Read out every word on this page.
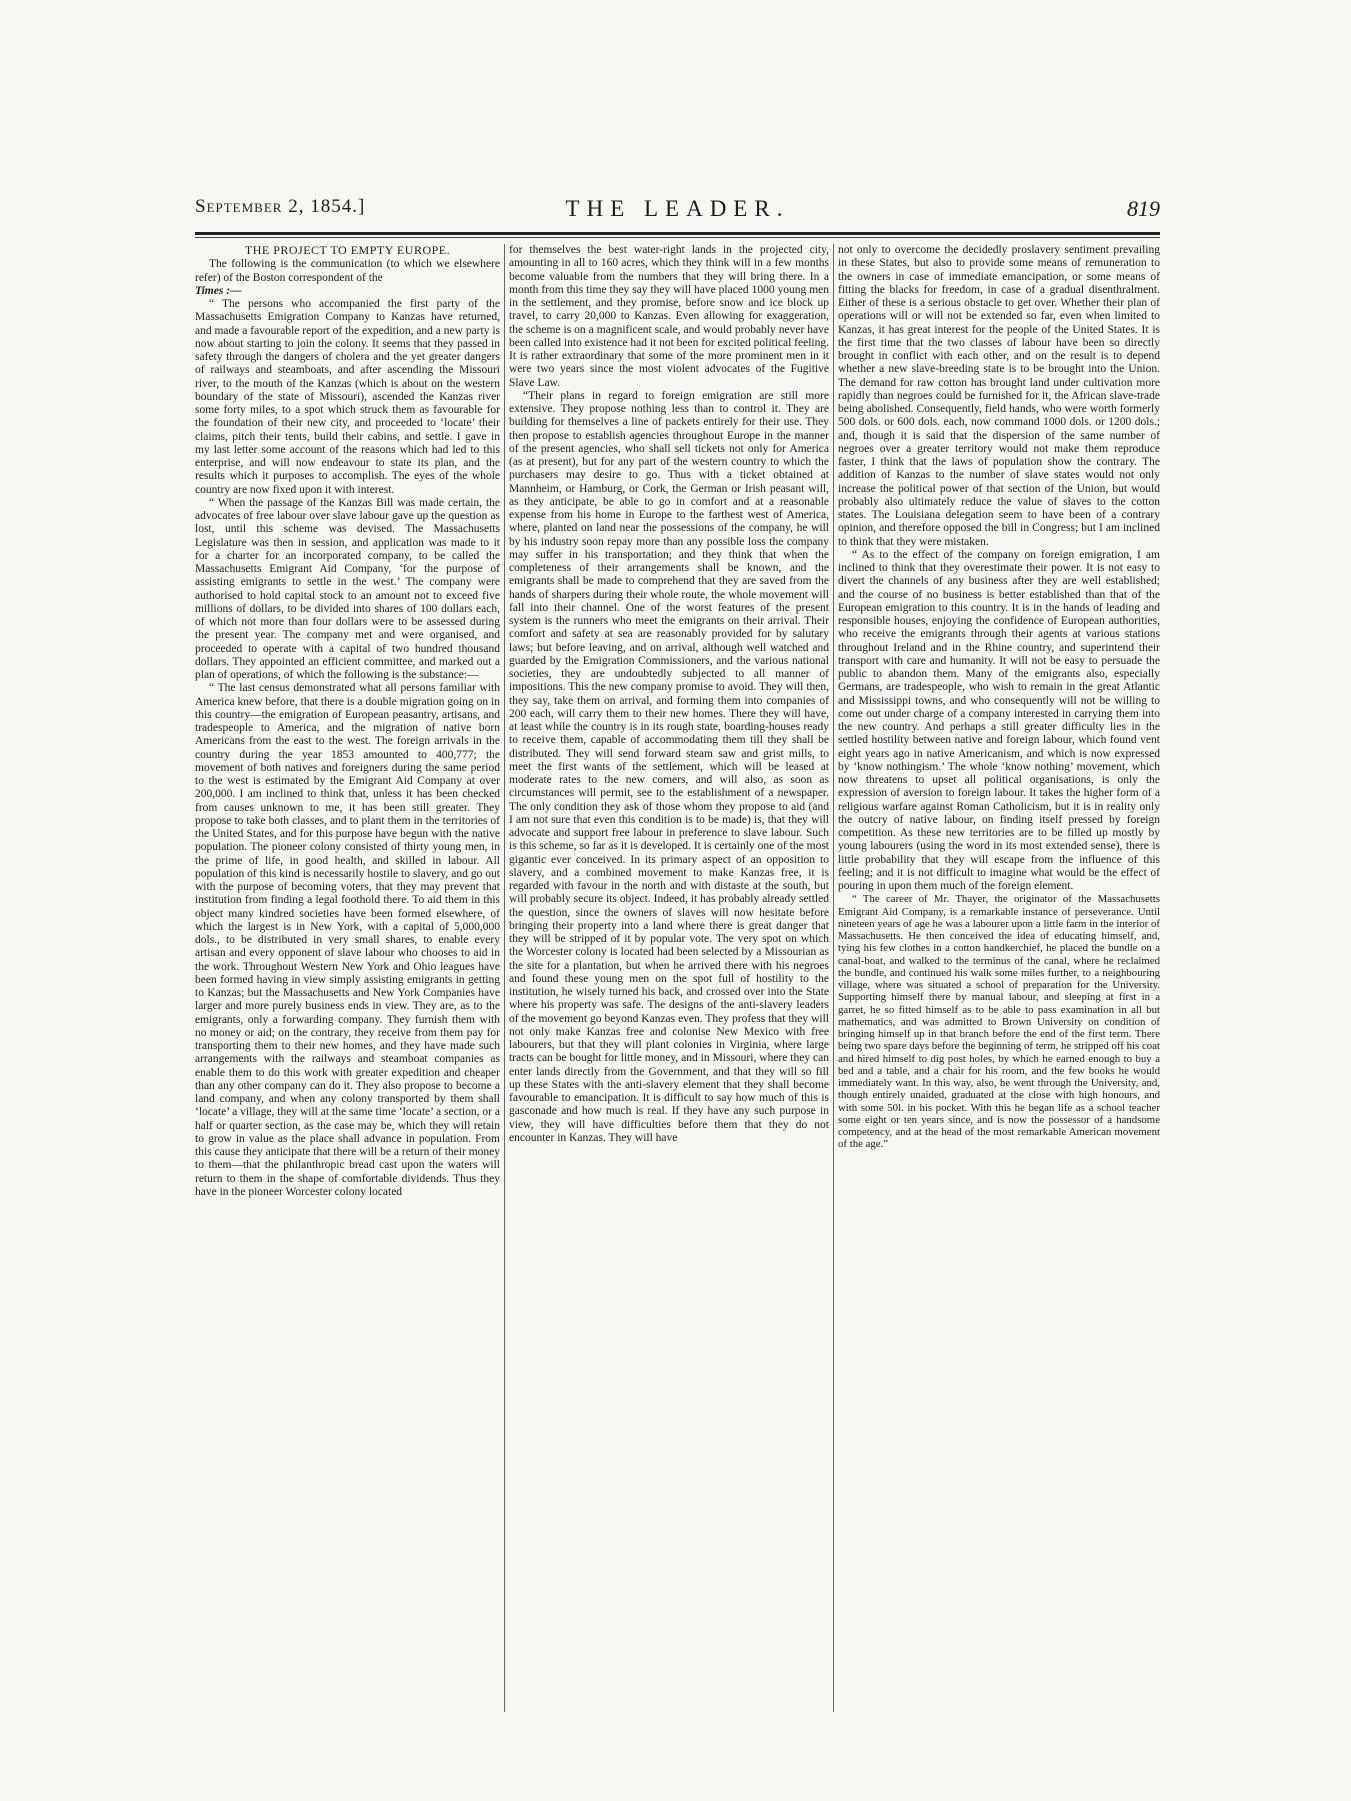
THE LEADER.
September 2, 1854.]	819
THE PROJECT TO EMPTY EUROPE.

The following is the communication (to which we elsewhere refer) of the Boston correspondent of the

Times :—

“ The persons who accompanied the first party of the Massachusetts Emigration Company to Kanzas have returned, and made a favourable report of the expedition, and a new party is now about starting to join the colony. It seems that they passed in safety through the dangers of cholera and the yet greater dangers of railways and steamboats, and after ascending the Missouri river, to the mouth of the Kanzas (which is about on the western boundary of the state of Missouri), ascended the Kanzas river some forty miles, to a spot which struck them as favourable for the foundation of their new city, and proceeded to ‘locate’ their claims, pitch their tents, build their cabins, and settle. I gave in my last letter some account of the reasons which had led to this enterprise, and will now endeavour to state its plan, and the results which it purposes to accomplish. The eyes of the whole country are now fixed upon it with interest.

“ When the passage of the Kanzas Bill was made certain, the advocates of free labour over slave labour gave up the question as lost, until this scheme was devised. The Massachusetts Legislature was then in session, and application was made to it for a charter for an incorporated company, to be called the Massachusetts Emigrant Aid Company, ‘for the purpose of assisting emigrants to settle in the west.’ The company were authorised to hold capital stock to an amount not to exceed five millions of dollars, to be divided into shares of 100 dollars each, of which not more than four dollars were to be assessed during the present year. The company met and were organised, and proceeded to operate with a capital of two hundred thousand dollars. They appointed an efficient committee, and marked out a plan of operations, of which the following is the substance:—

“ The last census demonstrated what all persons familiar with America knew before, that there is a double migration going on in this country—the emigration of European peasantry, artisans, and tradespeople to America, and the migration of native born Americans from the east to the west. The foreign arrivals in the country during the year 1853 amounted to 400,777; the movement of both natives and foreigners during the same period to the west is estimated by the Emigrant Aid Company at over 200,000. I am inclined to think that, unless it has been checked from causes unknown to me, it has been still greater. They propose to take both classes, and to plant them in the territories of the United States, and for this purpose have begun with the native population. The pioneer colony consisted of thirty young men, in the prime of life, in good health, and skilled in labour. All population of this kind is necessarily hostile to slavery, and go out with the purpose of becoming voters, that they may prevent that institution from finding a legal foothold there. To aid them in this object many kindred societies have been formed elsewhere, of which the largest is in New York, with a capital of 5,000,000 dols., to be distributed in very small shares, to enable every artisan and every opponent of slave labour who chooses to aid in the work. Throughout Western New York and Ohio leagues have been formed having in view simply assisting emigrants in getting to Kanzas; but the Massachusetts and New York Companies have larger and more purely business ends in view. They are, as to the emigrants, only a forwarding company. They furnish them with no money or aid; on the contrary, they receive from them pay for transporting them to their new homes, and they have made such arrangements with the railways and steamboat companies as enable them to do this work with greater expedition and cheaper than any other company can do it. They also propose to become a land company, and when any colony transported by them shall ‘locate’ a village, they will at the same time ‘locate’ a section, or a half or quarter section, as the case may be, which they will retain to grow in value as the place shall advance in population. From this cause they anticipate that there will be a return of their money to them—that the philanthropic bread cast upon the waters will return to them in the shape of comfortable dividends. Thus they have in the pioneer Worcester colony located

for themselves the best water-right lands in the projected city, amounting in all to 160 acres, which they think will in a few months become valuable from the numbers that they will bring there. In a month from this time they say they will have placed 1000 young men in the settlement, and they promise, before snow and ice block up travel, to carry 20,000 to Kanzas. Even allowing for exaggeration, the scheme is on a magnificent scale, and would probably never have been called into existence had it not been for excited political feeling. It is rather extraordinary that some of the more prominent men in it were two years since the most violent advocates of the Fugitive Slave Law.

“Their plans in regard to foreign emigration are still more extensive. They propose nothing less than to control it. They are building for themselves a line of packets entirely for their use. They then propose to establish agencies throughout Europe in the manner of the present agencies, who shall sell tickets not only for America (as at present), but for any part of the western country to which the purchasers may desire to go. Thus with a ticket obtained at Mannheim, or Hamburg, or Cork, the German or Irish peasant will, as they anticipate, be able to go in comfort and at a reasonable expense from his home in Europe to the farthest west of America, where, planted on land near the possessions of the company, he will by his industry soon repay more than any possible loss the company may suffer in his transportation; and they think that when the completeness of their arrangements shall be known, and the emigrants shall be made to comprehend that they are saved from the hands of sharpers during their whole route, the whole movement will fall into their channel. One of the worst features of the present system is the runners who meet the emigrants on their arrival. Their comfort and safety at sea are reasonably provided for by salutary laws; but before leaving, and on arrival, although well watched and guarded by the Emigration Commissioners, and the various national societies, they are undoubtedly subjected to all manner of impositions. This the new company promise to avoid. They will then, they say, take them on arrival, and forming them into companies of 200 each, will carry them to their new homes. There they will have, at least while the country is in its rough state, boarding-houses ready to receive them, capable of accommodating them till they shall be distributed. They will send forward steam saw and grist mills, to meet the first wants of the settlement, which will be leased at moderate rates to the new comers, and will also, as soon as circumstances will permit, see to the establishment of a newspaper. The only condition they ask of those whom they propose to aid (and I am not sure that even this condition is to be made) is, that they will advocate and support free labour in preference to slave labour. Such is this scheme, so far as it is developed. It is certainly one of the most gigantic ever conceived. In its primary aspect of an opposition to slavery, and a combined movement to make Kanzas free, it is regarded with favour in the north and with distaste at the south, but will probably secure its object. Indeed, it has probably already settled the question, since the owners of slaves will now hesitate before bringing their property into a land where there is great danger that they will be stripped of it by popular vote. The very spot on which the Worcester colony is located had been selected by a Missourian as the site for a plantation, but when he arrived there with his negroes and found these young men on the spot full of hostility to the institution, he wisely turned his back, and crossed over into the State where his property was safe. The designs of the anti-slavery leaders of the movement go beyond Kanzas even. They profess that they will not only make Kanzas free and colonise New Mexico with free labourers, but that they will plant colonies in Virginia, where large tracts can be bought for little money, and in Missouri, where they can enter lands directly from the Government, and that they will so fill up these States with the anti-slavery element that they shall become favourable to emancipation. It is difficult to say how much of this is gasconade and how much is real. If they have any such purpose in view, they will have difficulties before them that they do not encounter in Kanzas. They will have

not only to overcome the decidedly proslavery sentiment prevailing in these States, but also to provide some means of remuneration to the owners in case of immediate emancipation, or some means of fitting the blacks for freedom, in case of a gradual disenthralment. Either of these is a serious obstacle to get over. Whether their plan of operations will or will not be extended so far, even when limited to Kanzas, it has great interest for the people of the United States. It is the first time that the two classes of labour have been so directly brought in conflict with each other, and on the result is to depend whether a new slave-breeding state is to be brought into the Union. The demand for raw cotton has brought land under cultivation more rapidly than negroes could be furnished for it, the African slave-trade being abolished. Consequently, field hands, who were worth formerly 500 dols. or 600 dols. each, now command 1000 dols. or 1200 dols.; and, though it is said that the dispersion of the same number of negroes over a greater territory would not make them reproduce faster, I think that the laws of population show the contrary. The addition of Kanzas to the number of slave states would not only increase the political power of that section of the Union, but would probably also ultimately reduce the value of slaves to the cotton states. The Louisiana delegation seem to have been of a contrary opinion, and therefore opposed the bill in Congress; but I am inclined to think that they were mistaken.

“ As to the effect of the company on foreign emigration, I am inclined to think that they overestimate their power. It is not easy to divert the channels of any business after they are well established; and the course of no business is better established than that of the European emigration to this country. It is in the hands of leading and responsible houses, enjoying the confidence of European authorities, who receive the emigrants through their agents at various stations throughout Ireland and in the Rhine country, and superintend their transport with care and humanity. It will not be easy to persuade the public to abandon them. Many of the emigrants also, especially Germans, are tradespeople, who wish to remain in the great Atlantic and Mississippi towns, and who consequently will not be willing to come out under charge of a company interested in carrying them into the new country. And perhaps a still greater difficulty lies in the settled hostility between native and foreign labour, which found vent eight years ago in native Americanism, and which is now expressed by ‘know nothingism.’ The whole ‘know nothing’ movement, which now threatens to upset all political organisations, is only the expression of aversion to foreign labour. It takes the higher form of a religious warfare against Roman Catholicism, but it is in reality only the outcry of native labour, on finding itself pressed by foreign competition. As these new territories are to be filled up mostly by young labourers (using the word in its most extended sense), there is little probability that they will escape from the influence of this feeling; and it is not difficult to imagine what would be the effect of pouring in upon them much of the foreign element.

“ The career of Mr. Thayer, the originator of the Massachusetts Emigrant Aid Company, is a remarkable instance of perseverance. Until nineteen years of age he was a labourer upon a little farm in the interior of Massachusetts. He then conceived the idea of educating himself, and, tying his few clothes in a cotton handkerchief, he placed the bundle on a canal-boat, and walked to the terminus of the canal, where he reclaimed the bundle, and continued his walk some miles further, to a neighbouring village, where was situated a school of preparation for the University. Supporting himself there by manual labour, and sleeping at first in a garret, he so fitted himself as to be able to pass examination in all but mathematics, and was admitted to Brown University on condition of bringing himself up in that branch before the end of the first term. There being two spare days before the beginning of term, he stripped off his coat and hired himself to dig post holes, by which he earned enough to buy a bed and a table, and a chair for his room, and the few books he would immediately want. In this way, also, he went through the University, and, though entirely unaided, graduated at the close with high honours, and with some 50l. in his pocket. With this he began life as a school teacher some eight or ten years since, and is now the possessor of a handsome competency, and at the head of the most remarkable American movement of the age.”
